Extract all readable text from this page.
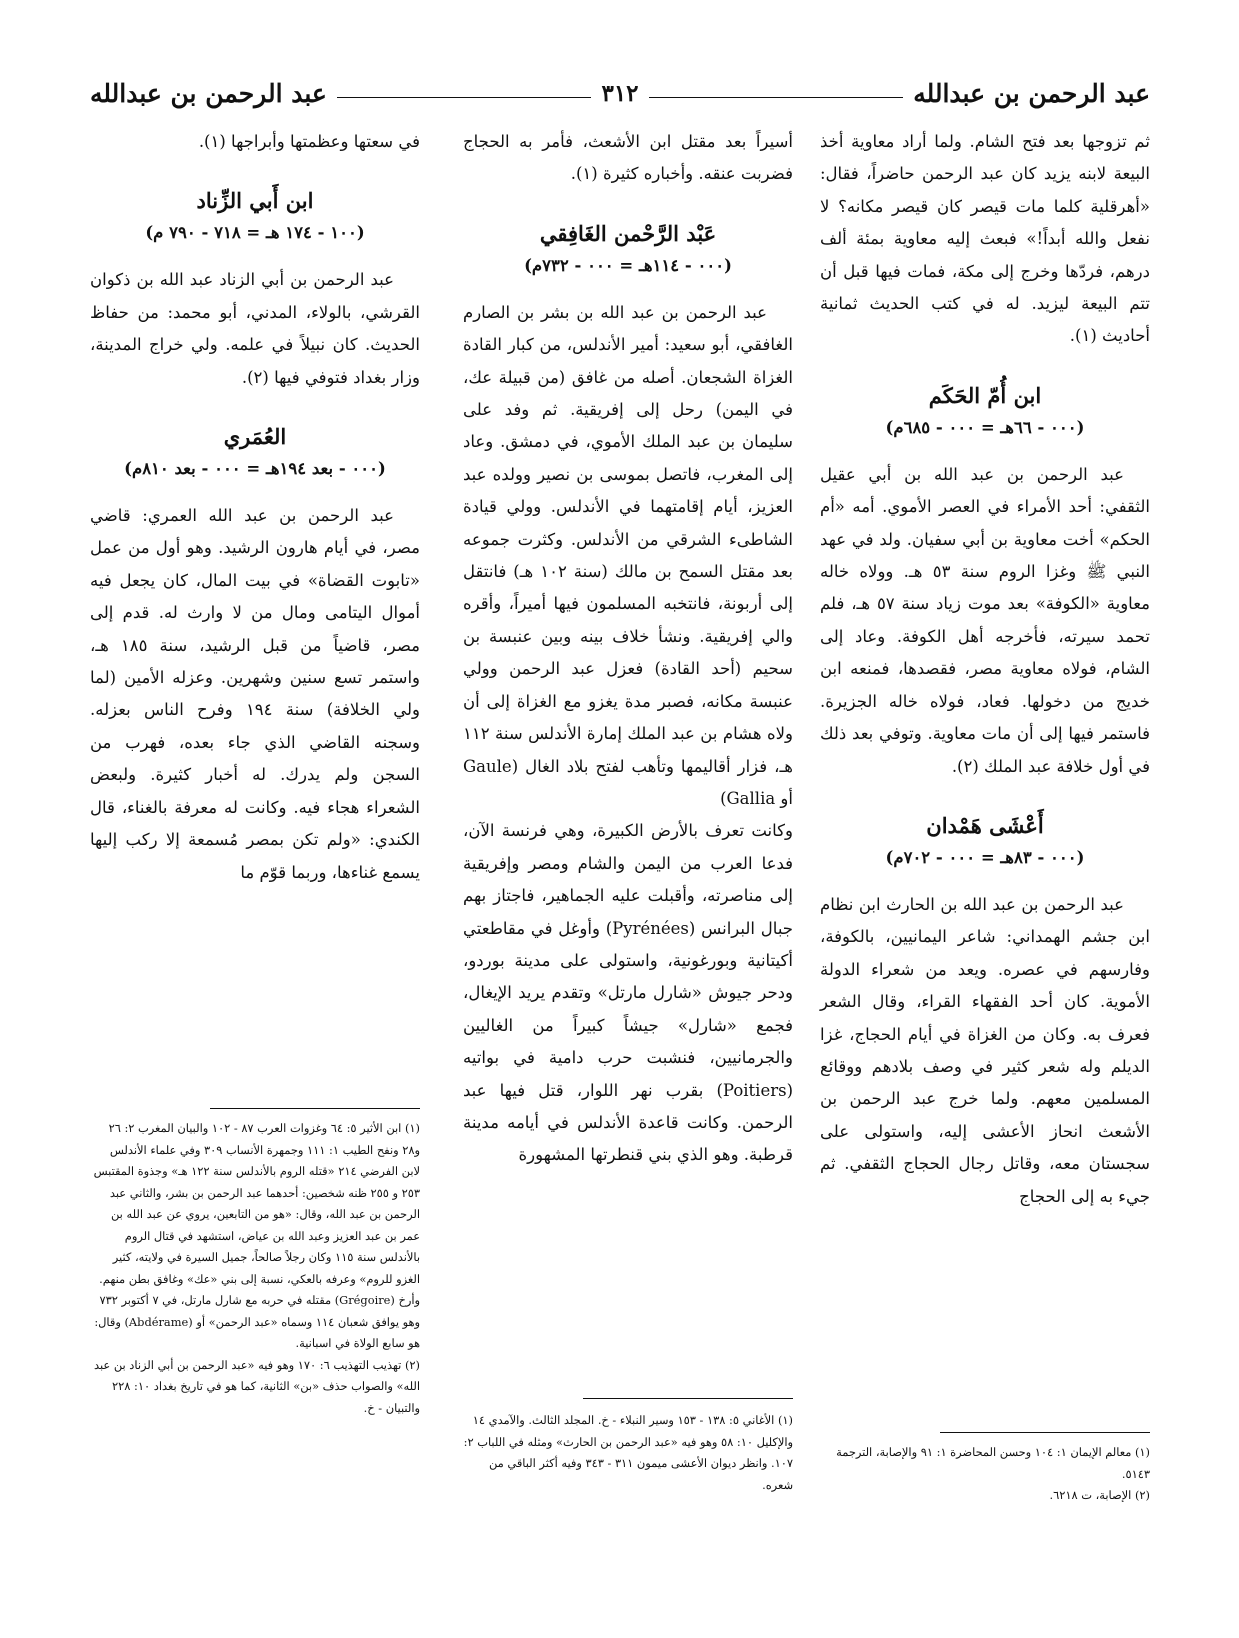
عبد الرحمن بن عبدالله
٣١٢
عبد الرحمن بن عبدالله

ثم تزوجها بعد فتح الشام. ولما أراد معاوية أخذ البيعة لابنه يزيد كان عبد الرحمن حاضراً، فقال: «أهرقلية كلما مات قيصر كان قيصر مكانه؟ لا نفعل والله أبداً!» فبعث إليه معاوية بمئة ألف درهم، فردّها وخرج إلى مكة، فمات فيها قبل أن تتم البيعة ليزيد. له في كتب الحديث ثمانية أحاديث (١).

ابن أُمّ الحَكَم
(٠٠٠ - ٦٦هـ = ٠٠٠ - ٦٨٥م)

عبد الرحمن بن عبد الله بن أبي عقيل الثقفي: أحد الأمراء في العصر الأموي. أمه «أم الحكم» أخت معاوية بن أبي سفيان. ولد في عهد النبي ﷺ وغزا الروم سنة ٥٣ هـ. وولاه خاله معاوية «الكوفة» بعد موت زياد سنة ٥٧ هـ، فلم تحمد سيرته، فأخرجه أهل الكوفة. وعاد إلى الشام، فولاه معاوية مصر، فقصدها، فمنعه ابن خديج من دخولها. فعاد، فولاه خاله الجزيرة. فاستمر فيها إلى أن مات معاوية. وتوفي بعد ذلك في أول خلافة عبد الملك (٢).

أَعْشَى هَمْدان
(٠٠٠ - ٨٣هـ = ٠٠٠ - ٧٠٢م)

عبد الرحمن بن عبد الله بن الحارث ابن نظام ابن جشم الهمداني: شاعر اليمانيين، بالكوفة، وفارسهم في عصره. ويعد من شعراء الدولة الأموية. كان أحد الفقهاء القراء، وقال الشعر فعرف به. وكان من الغزاة في أيام الحجاج، غزا الديلم وله شعر كثير في وصف بلادهم ووقائع المسلمين معهم. ولما خرج عبد الرحمن بن الأشعث انحاز الأعشى إليه، واستولى على سجستان معه، وقاتل رجال الحجاج الثقفي. ثم جيء به إلى الحجاج

(١) معالم الإيمان ١: ١٠٤ وحسن المحاضرة ١: ٩١ والإصابة، الترجمة ٥١٤٣.

(٢) الإصابة، ت ٦٢١٨.

أسيراً بعد مقتل ابن الأشعث، فأمر به الحجاج فضربت عنقه. وأخباره كثيرة (١).

عَبْد الرَّحْمن الغَافِقي
(٠٠٠ - ١١٤هـ = ٠٠٠ - ٧٣٢م)

عبد الرحمن بن عبد الله بن بشر بن الصارم الغافقي، أبو سعيد: أمير الأندلس، من كبار القادة الغزاة الشجعان. أصله من غافق (من قبيلة عك، في اليمن) رحل إلى إفريقية. ثم وفد على سليمان بن عبد الملك الأموي، في دمشق. وعاد إلى المغرب، فاتصل بموسى بن نصير وولده عبد العزيز، أيام إقامتهما في الأندلس. وولي قيادة الشاطىء الشرقي من الأندلس. وكثرت جموعه بعد مقتل السمح بن مالك (سنة ١٠٢ هـ) فانتقل إلى أربونة، فانتخبه المسلمون فيها أميراً، وأقره والي إفريقية. ونشأ خلاف بينه وبين عنبسة بن سحيم (أحد القادة) فعزل عبد الرحمن وولي عنبسة مكانه، فصبر مدة يغزو مع الغزاة إلى أن ولاه هشام بن عبد الملك إمارة الأندلس سنة ١١٢ هـ، فزار أقاليمها وتأهب لفتح بلاد الغال (Gaule أو Gallia)

وكانت تعرف بالأرض الكبيرة، وهي فرنسة الآن، فدعا العرب من اليمن والشام ومصر وإفريقية إلى مناصرته، وأقبلت عليه الجماهير، فاجتاز بهم جبال البرانس (Pyrénées) وأوغل في مقاطعتي أكيتانية وبورغونية، واستولى على مدينة بوردو، ودحر جيوش «شارل مارتل» وتقدم يريد الإيغال، فجمع «شارل» جيشاً كبيراً من الغاليين والجرمانيين، فنشبت حرب دامية في بواتيه (Poitiers) بقرب نهر اللوار، قتل فيها عبد الرحمن. وكانت قاعدة الأندلس في أيامه مدينة قرطبة. وهو الذي بني قنطرتها المشهورة

(١) الأغاني ٥: ١٣٨ - ١٥٣ وسير النبلاء - خ. المجلد الثالث. والآمدي ١٤ والإكليل ١٠: ٥٨ وهو فيه «عبد الرحمن بن الحارث» ومثله في اللباب ٢: ١٠٧. وانظر ديوان الأعشى ميمون ٣١١ - ٣٤٣ وفيه أكثر الباقي من شعره.

في سعتها وعظمتها وأبراجها (١).

ابن أَبي الزِّناد
(١٠٠ - ١٧٤ هـ = ٧١٨ - ٧٩٠ م)

عبد الرحمن بن أبي الزناد عبد الله بن ذكوان القرشي، بالولاء، المدني، أبو محمد: من حفاظ الحديث. كان نبيلاً في علمه. ولي خراج المدينة، وزار بغداد فتوفي فيها (٢).

العُمَري
(٠٠٠ - بعد ١٩٤هـ = ٠٠٠ - بعد ٨١٠م)

عبد الرحمن بن عبد الله العمري: قاضي مصر، في أيام هارون الرشيد. وهو أول من عمل «تابوت القضاة» في بيت المال، كان يجعل فيه أموال اليتامى ومال من لا وارث له. قدم إلى مصر، قاضياً من قبل الرشيد، سنة ١٨٥ هـ، واستمر تسع سنين وشهرين. وعزله الأمين (لما ولي الخلافة) سنة ١٩٤ وفرح الناس بعزله. وسجنه القاضي الذي جاء بعده، فهرب من السجن ولم يدرك. له أخبار كثيرة. ولبعض الشعراء هجاء فيه. وكانت له معرفة بالغناء، قال الكندي: «ولم تكن بمصر مُسمعة إلا ركب إليها يسمع غناءها، وربما قوّم ما

(١) ابن الأثير ٥: ٦٤ وغزوات العرب ٨٧ - ١٠٢ والبيان المغرب ٢: ٢٦ و٢٨ ونفح الطيب ١: ١١١ وجمهرة الأنساب ٣٠٩ وفي علماء الأندلس لابن الفرضي ٢١٤ «قتله الروم بالأندلس سنة ١٢٢ هـ» وجذوة المقتبس ٢٥٣ و ٢٥٥ ظنه شخصين: أحدهما عبد الرحمن بن بشر، والثاني عبد الرحمن بن عبد الله، وقال: «هو من التابعين، يروي عن عبد الله بن عمر بن عبد العزيز وعبد الله بن عياض، استشهد في قتال الروم بالأندلس سنة ١١٥ وكان رجلاً صالحاً، جميل السيرة في ولايته، كثير الغزو للروم» وعرفه بالعكي، نسبة إلى بني «عك» وغافق بطن منهم. وأرخ (Grégoire) مقتله في حربه مع شارل مارتل، في ٧ أكتوبر ٧٣٢ وهو يوافق شعبان ١١٤ وسماه «عبد الرحمن» أو (Abdérame) وقال: هو سابع الولاة في اسبانية.

(٢) تهذيب التهذيب ٦: ١٧٠ وهو فيه «عبد الرحمن بن أبي الزناد بن عبد الله» والصواب حذف «بن» الثانية، كما هو في تاريخ بغداد ١٠: ٢٢٨ والتبيان - خ.
